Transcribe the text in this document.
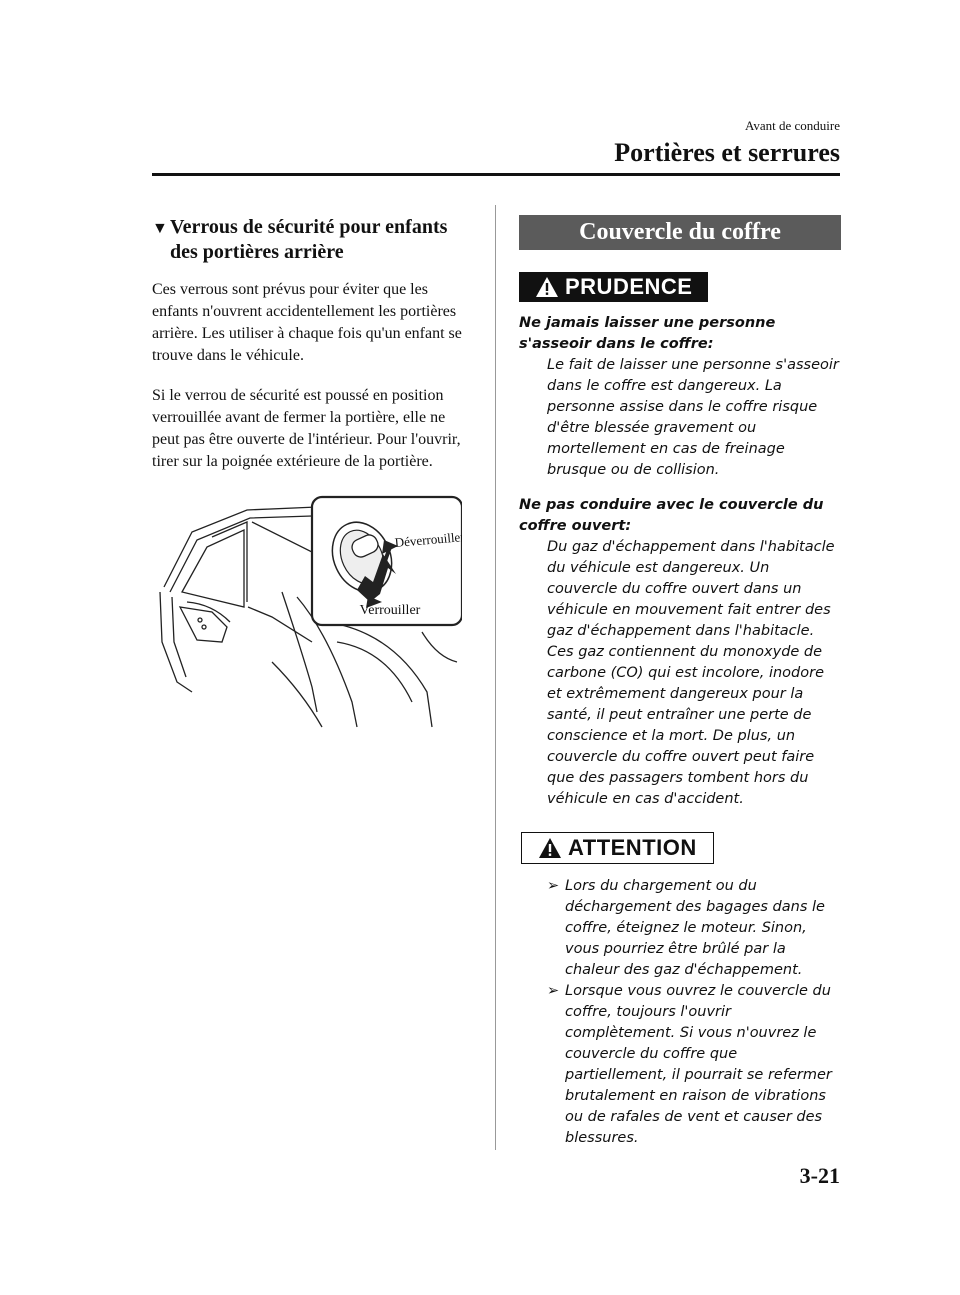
Avant de conduire
Portières et serrures
▼ Verrous de sécurité pour enfants
des portières arrière
Ces verrous sont prévus pour éviter que les enfants n'ouvrent accidentellement les portières arrière. Les utiliser à chaque fois qu'un enfant se trouve dans le véhicule.
Si le verrou de sécurité est poussé en position verrouillée avant de fermer la portière, elle ne peut pas être ouverte de l'intérieur. Pour l'ouvrir, tirer sur la poignée extérieure de la portière.
Déverrouiller
Verrouiller
Couvercle du coffre
PRUDENCE
Ne jamais laisser une personne s'asseoir dans le coffre:
Le fait de laisser une personne s'asseoir dans le coffre est dangereux. La personne assise dans le coffre risque d'être blessée gravement ou mortellement en cas de freinage brusque ou de collision.
Ne pas conduire avec le couvercle du coffre ouvert:
Du gaz d'échappement dans l'habitacle du véhicule est dangereux. Un couvercle du coffre ouvert dans un véhicule en mouvement fait entrer des gaz d'échappement dans l'habitacle. Ces gaz contiennent du monoxyde de carbone (CO) qui est incolore, inodore et extrêmement dangereux pour la santé, il peut entraîner une perte de conscience et la mort. De plus, un couvercle du coffre ouvert peut faire que des passagers tombent hors du véhicule en cas d'accident.
ATTENTION
➢ Lors du chargement ou du déchargement des bagages dans le coffre, éteignez le moteur. Sinon, vous pourriez être brûlé par la chaleur des gaz d'échappement.
➢ Lorsque vous ouvrez le couvercle du coffre, toujours l'ouvrir complètement. Si vous n'ouvrez le couvercle du coffre que partiellement, il pourrait se refermer brutalement en raison de vibrations ou de rafales de vent et causer des blessures.
3-21
